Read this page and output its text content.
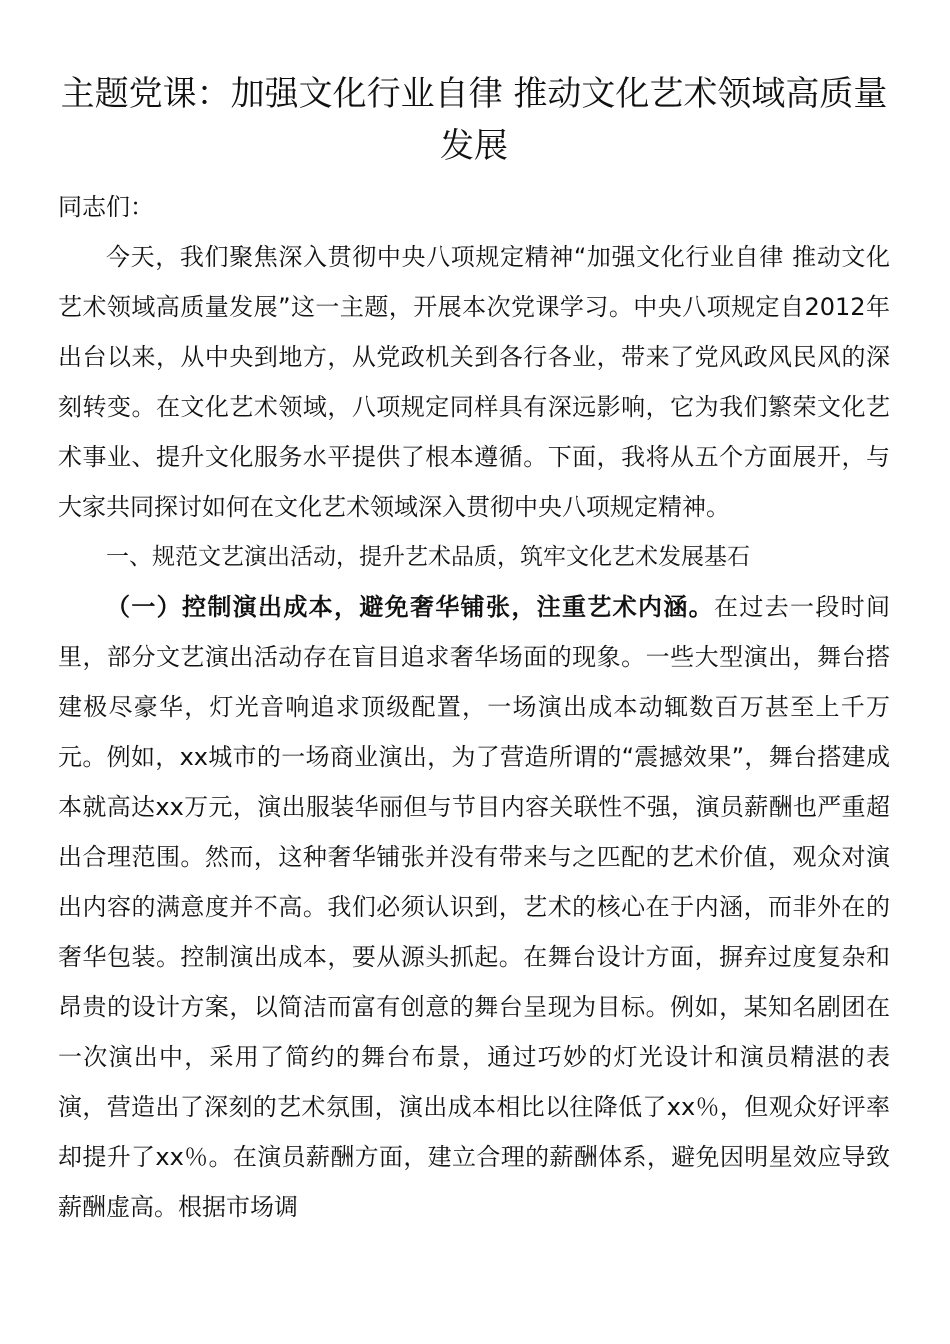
主题党课：加强文化行业自律 推动文化艺术领域高质量发展

同志们：

今天，我们聚焦深入贯彻中央八项规定精神“加强文化行业自律 推动文化艺术领域高质量发展”这一主题，开展本次党课学习。中央八项规定自2012年出台以来，从中央到地方，从党政机关到各行各业，带来了党风政风民风的深刻转变。在文化艺术领域，八项规定同样具有深远影响，它为我们繁荣文化艺术事业、提升文化服务水平提供了根本遵循。下面，我将从五个方面展开，与大家共同探讨如何在文化艺术领域深入贯彻中央八项规定精神。

一、规范文艺演出活动，提升艺术品质，筑牢文化艺术发展基石

（一）控制演出成本，避免奢华铺张，注重艺术内涵。在过去一段时间里，部分文艺演出活动存在盲目追求奢华场面的现象。一些大型演出，舞台搭建极尽豪华，灯光音响追求顶级配置，一场演出成本动辄数百万甚至上千万元。例如，xx城市的一场商业演出，为了营造所谓的“震撼效果”，舞台搭建成本就高达xx万元，演出服装华丽但与节目内容关联性不强，演员薪酬也严重超出合理范围。然而，这种奢华铺张并没有带来与之匹配的艺术价值，观众对演出内容的满意度并不高。我们必须认识到，艺术的核心在于内涵，而非外在的奢华包装。控制演出成本，要从源头抓起。在舞台设计方面，摒弃过度复杂和昂贵的设计方案，以简洁而富有创意的舞台呈现为目标。例如，某知名剧团在一次演出中，采用了简约的舞台布景，通过巧妙的灯光设计和演员精湛的表演，营造出了深刻的艺术氛围，演出成本相比以往降低了xx％，但观众好评率却提升了xx％。在演员薪酬方面，建立合理的薪酬体系，避免因明星效应导致薪酬虚高。根据市场调
